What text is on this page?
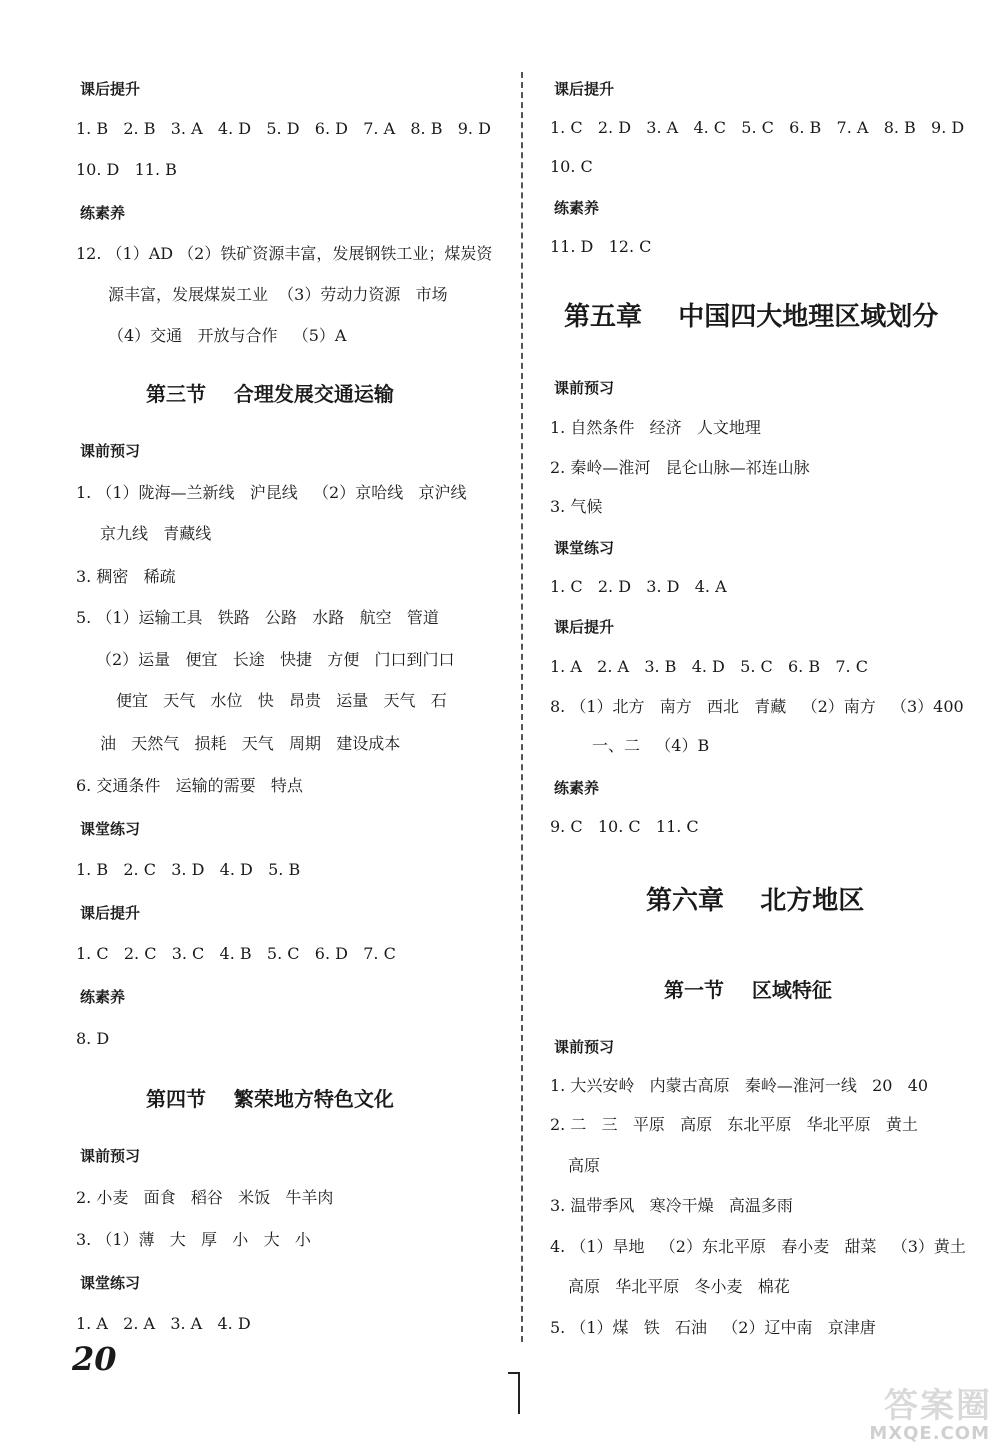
课后提升
1. B   2. B   3. A   4. D   5. D   6. D   7. A   8. B   9. D
10. D   11. B
练素养
12. （1）AD （2）铁矿资源丰富，发展钢铁工业；煤炭资
源丰富，发展煤炭工业  （3）劳动力资源   市场
（4）交通   开放与合作   （5）A
第三节    合理发展交通运输
课前预习
1. （1）陇海—兰新线   沪昆线   （2）京哈线   京沪线
京九线   青藏线
3. 稠密   稀疏
5. （1）运输工具   铁路   公路   水路   航空   管道
（2）运量   便宜   长途   快捷   方便   门口到门口
便宜   天气   水位   快   昂贵   运量   天气   石
油   天然气   损耗   天气   周期   建设成本
6. 交通条件   运输的需要   特点
课堂练习
1. B   2. C   3. D   4. D   5. B
课后提升
1. C   2. C   3. C   4. B   5. C   6. D   7. C
练素养
8. D
第四节    繁荣地方特色文化
课前预习
2. 小麦   面食   稻谷   米饭   牛羊肉
3. （1）薄   大   厚   小   大   小
课堂练习
1. A   2. A   3. A   4. D
课后提升
1. C   2. D   3. A   4. C   5. C   6. B   7. A   8. B   9. D
10. C
练素养
11. D   12. C
第五章    中国四大地理区域划分
课前预习
1. 自然条件   经济   人文地理
2. 秦岭—淮河   昆仑山脉—祁连山脉
3. 气候
课堂练习
1. C   2. D   3. D   4. A
课后提升
1. A   2. A   3. B   4. D   5. C   6. B   7. C
8. （1）北方   南方   西北   青藏   （2）南方   （3）400
一、二   （4）B
练素养
9. C   10. C   11. C
第六章    北方地区
第一节    区域特征
课前预习
1. 大兴安岭   内蒙古高原   秦岭—淮河一线   20   40
2. 二   三   平原   高原   东北平原   华北平原   黄土
高原
3. 温带季风   寒冷干燥   高温多雨
4. （1）旱地   （2）东北平原   春小麦   甜菜   （3）黄土
高原   华北平原   冬小麦   棉花
5. （1）煤   铁   石油   （2）辽中南   京津唐
20
答案圈
MXQE.COM
